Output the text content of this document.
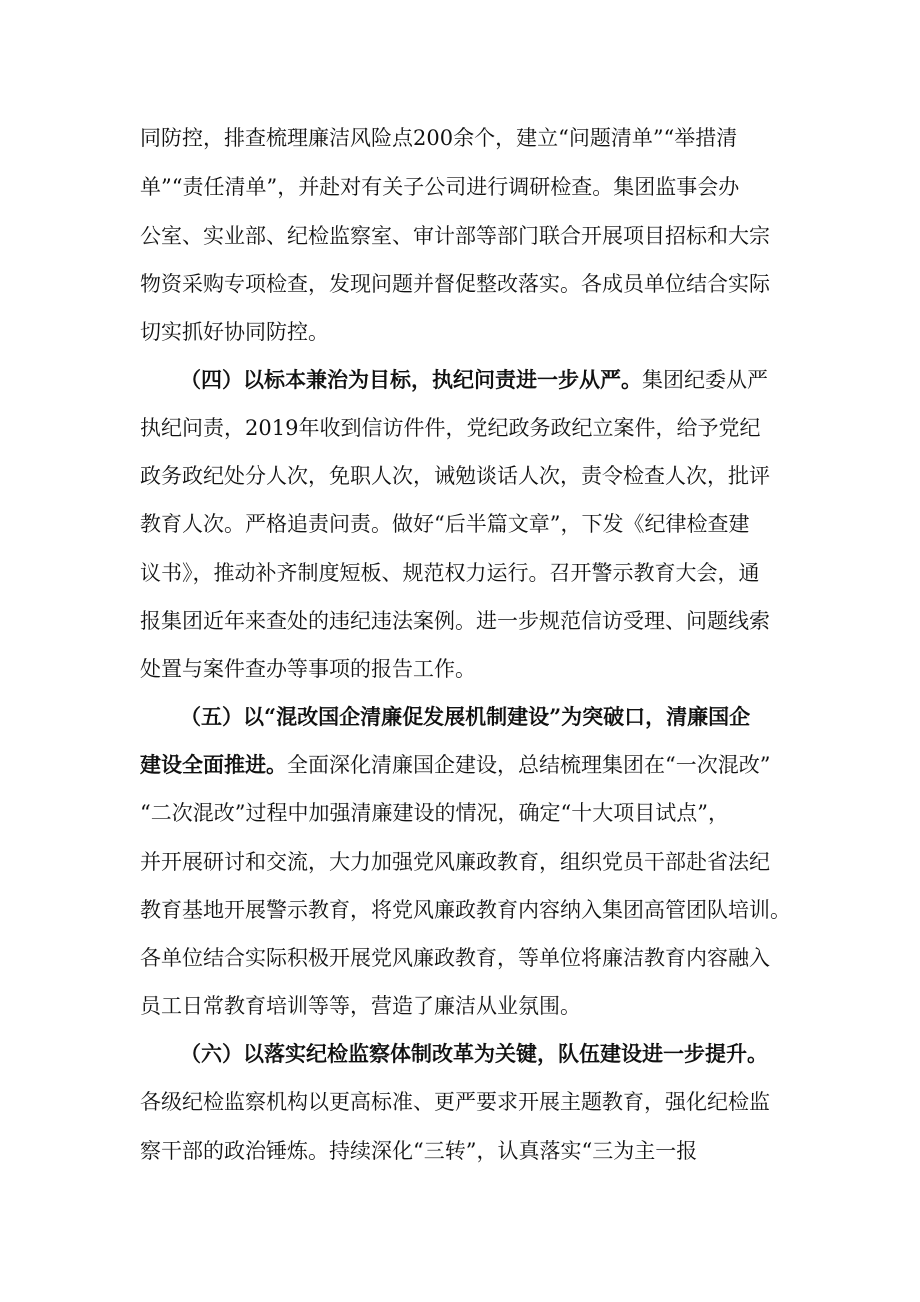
同防控，排查梳理廉洁风险点200余个，建立“问题清单”“举措清
单”“责任清单”，并赴对有关子公司进行调研检查。集团监事会办
公室、实业部、纪检监察室、审计部等部门联合开展项目招标和大宗
物资采购专项检查，发现问题并督促整改落实。各成员单位结合实际
切实抓好协同防控。
（四）以标本兼治为目标，执纪问责进一步从严。集团纪委从严
执纪问责，2019年收到信访件件，党纪政务政纪立案件，给予党纪
政务政纪处分人次，免职人次，诫勉谈话人次，责令检查人次，批评
教育人次。严格追责问责。做好“后半篇文章”，下发《纪律检查建
议书》，推动补齐制度短板、规范权力运行。召开警示教育大会，通
报集团近年来查处的违纪违法案例。进一步规范信访受理、问题线索
处置与案件查办等事项的报告工作。
（五）以“混改国企清廉促发展机制建设”为突破口，清廉国企
建设全面推进。全面深化清廉国企建设，总结梳理集团在“一次混改”
“二次混改”过程中加强清廉建设的情况，确定“十大项目试点”，
并开展研讨和交流，大力加强党风廉政教育，组织党员干部赴省法纪
教育基地开展警示教育，将党风廉政教育内容纳入集团高管团队培训。
各单位结合实际积极开展党风廉政教育，等单位将廉洁教育内容融入
员工日常教育培训等等，营造了廉洁从业氛围。
（六）以落实纪检监察体制改革为关键，队伍建设进一步提升。
各级纪检监察机构以更高标准、更严要求开展主题教育，强化纪检监
察干部的政治锤炼。持续深化“三转”，认真落实“三为主一报
